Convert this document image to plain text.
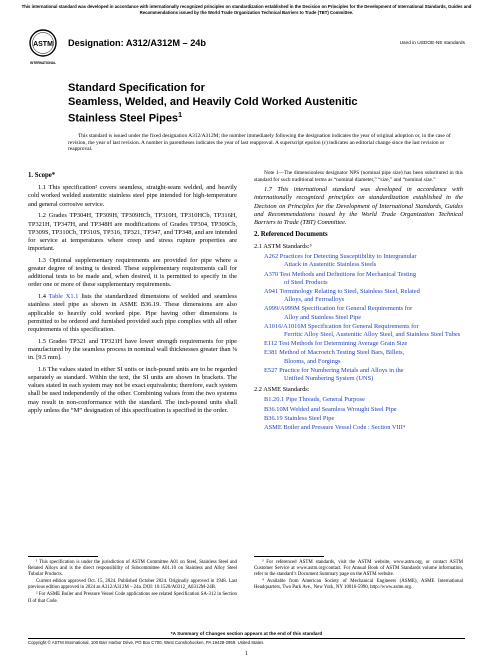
This international standard was developed in accordance with internationally recognized principles on standardization established in the Decision on Principles for the Development of International Standards, Guides and Recommendations issued by the World Trade Organization Technical Barriers to Trade (TBT) Committee.
ASTM
INTERNATIONAL
Designation: A312/A312M – 24b	Used in USDOE-NE standards
Standard Specification for
Seamless, Welded, and Heavily Cold Worked Austenitic
Stainless Steel Pipes$^1$
This standard is issued under the fixed designation A312/A312M; the number immediately following the designation indicates the year of original adoption or, in the case of revision, the year of last revision. A number in parentheses indicates the year of last reapproval. A superscript epsilon (ε) indicates an editorial change since the last revision or reapproval.
1. Scope*

1.1 This specification² covers seamless, straight-seam welded, and heavily cold worked welded austenitic stainless steel pipe intended for high-temperature and general corrosive service.

1.2 Grades TP304H, TP309H, TP309HCb, TP310H, TP310HCb, TP316H, TP321H, TP347H, and TP348H are modifications of Grades TP304, TP309Cb, TP309S, TP310Cb, TP310S, TP316, TP321, TP347, and TP348, and are intended for service at temperatures where creep and stress rupture properties are important.

1.3 Optional supplementary requirements are provided for pipe where a greater degree of testing is desired. These supplementary requirements call for additional tests to be made and, when desired, it is permitted to specify in the order one or more of these supplementary requirements.

1.4 Table X1.1 lists the standardized dimensions of welded and seamless stainless steel pipe as shown in ASME B36.19. These dimensions are also applicable to heavily cold worked pipe. Pipe having other dimensions is permitted to be ordered and furnished provided such pipe complies with all other requirements of this specification.

1.5 Grades TP321 and TP321H have lower strength requirements for pipe manufactured by the seamless process in nominal wall thicknesses greater than ⅜ in. [9.5 mm].

1.6 The values stated in either SI units or inch-pound units are to be regarded separately as standard. Within the text, the SI units are shown in brackets. The values stated in each system may not be exact equivalents; therefore, each system shall be used independently of the other. Combining values from the two systems may result in non-conformance with the standard. The inch-pound units shall apply unless the “M” designation of this specification is specified in the order.

Note 1—The dimensionless designator NPS (nominal pipe size) has been substituted in this standard for such traditional terms as “nominal diameter,” “size,” and “nominal size.”

1.7 This international standard was developed in accordance with internationally recognized principles on standardization established in the Decision on Principles for the Development of International Standards, Guides and Recommendations issued by the World Trade Organization Technical Barriers to Trade (TBT) Committee.

2. Referenced Documents

2.1 ASTM Standards:³

A262 Practices for Detecting Susceptibility to Intergranular
Attack in Austenitic Stainless Steels
A370 Test Methods and Definitions for Mechanical Testing
of Steel Products
A941 Terminology Relating to Steel, Stainless Steel, Related
Alloys, and Ferroalloys
A999/A999M Specification for General Requirements for
Alloy and Stainless Steel Pipe
A1016/A1016M Specification for General Requirements for
Ferritic Alloy Steel, Austenitic Alloy Steel, and Stainless Steel Tubes
E112 Test Methods for Determining Average Grain Size
E381 Method of Macroetch Testing Steel Bars, Billets,
Blooms, and Forgings
E527 Practice for Numbering Metals and Alloys in the
Unified Numbering System (UNS)

2.2 ASME Standards:

B1.20.1 Pipe Threads, General Purpose
B36.10M Welded and Seamless Wrought Steel Pipe
B36.19 Stainless Steel Pipe
ASME Boiler and Pressure Vessel Code : Section VIII⁴

¹ This specification is under the jurisdiction of ASTM Committee A01 on Steel, Stainless Steel and Related Alloys and is the direct responsibility of Subcommittee A01.10 on Stainless and Alloy Steel Tubular Products.

Current edition approved Oct. 15, 2024. Published October 2024. Originally approved in 1948. Last previous edition approved in 2024 as A312/A312M – 24a. DOI: 10.1520/A0312_A0312M-24B.

² For ASME Boiler and Pressure Vessel Code applications see related Specification SA-312 in Section II of that Code.

³ For referenced ASTM standards, visit the ASTM website, www.astm.org, or contact ASTM Customer Service at www.astm.org/contact. For Annual Book of ASTM Standards volume information, refer to the standard’s Document Summary page on the ASTM website.

⁴ Available from American Society of Mechanical Engineers (ASME), ASME International Headquarters, Two Park Ave., New York, NY 10016-5990, http://www.asme.org.

*A Summary of Changes section appears at the end of this standard
Copyright © ASTM International, 100 Barr Harbor Drive, PO Box C700, West Conshohocken, PA 19428-2959. United States
1
